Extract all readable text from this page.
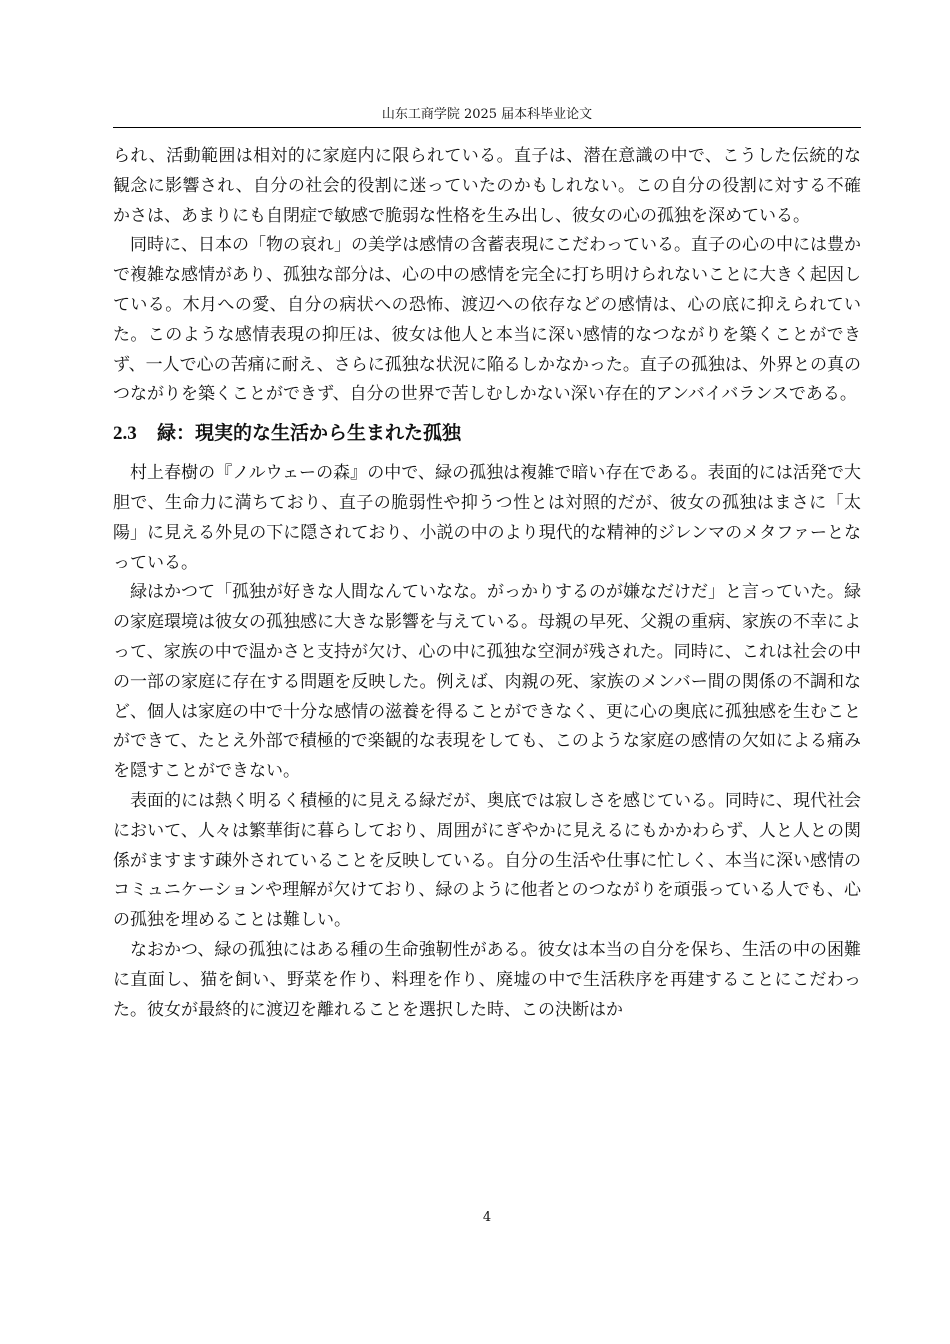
山东工商学院 2025 届本科毕业论文

られ、活動範囲は相対的に家庭内に限られている。直子は、潜在意識の中で、こうした伝統的な観念に影響され、自分の社会的役割に迷っていたのかもしれない。この自分の役割に対する不確かさは、あまりにも自閉症で敏感で脆弱な性格を生み出し、彼女の心の孤独を深めている。

同時に、日本の「物の哀れ」の美学は感情の含蓄表現にこだわっている。直子の心の中には豊かで複雑な感情があり、孤独な部分は、心の中の感情を完全に打ち明けられないことに大きく起因している。木月への愛、自分の病状への恐怖、渡辺への依存などの感情は、心の底に抑えられていた。このような感情表現の抑圧は、彼女は他人と本当に深い感情的なつながりを築くことができず、一人で心の苦痛に耐え、さらに孤独な状況に陥るしかなかった。直子の孤独は、外界との真のつながりを築くことができず、自分の世界で苦しむしかない深い存在的アンバイバランスである。

2.3 緑：現実的な生活から生まれた孤独

村上春樹の『ノルウェーの森』の中で、緑の孤独は複雑で暗い存在である。表面的には活発で大胆で、生命力に満ちており、直子の脆弱性や抑うつ性とは対照的だが、彼女の孤独はまさに「太陽」に見える外見の下に隠されており、小説の中のより現代的な精神的ジレンマのメタファーとなっている。

緑はかつて「孤独が好きな人間なんていなな。がっかりするのが嫌なだけだ」と言っていた。緑の家庭環境は彼女の孤独感に大きな影響を与えている。母親の早死、父親の重病、家族の不幸によって、家族の中で温かさと支持が欠け、心の中に孤独な空洞が残された。同時に、これは社会の中の一部の家庭に存在する問題を反映した。例えば、肉親の死、家族のメンバー間の関係の不調和など、個人は家庭の中で十分な感情の滋養を得ることができなく、更に心の奥底に孤独感を生むことができて、たとえ外部で積極的で楽観的な表現をしても、このような家庭の感情の欠如による痛みを隠すことができない。

表面的には熱く明るく積極的に見える緑だが、奥底では寂しさを感じている。同時に、現代社会において、人々は繁華街に暮らしており、周囲がにぎやかに見えるにもかかわらず、人と人との関係がますます疎外されていることを反映している。自分の生活や仕事に忙しく、本当に深い感情のコミュニケーションや理解が欠けており、緑のように他者とのつながりを頑張っている人でも、心の孤独を埋めることは難しい。

なおかつ、緑の孤独にはある種の生命強靭性がある。彼女は本当の自分を保ち、生活の中の困難に直面し、猫を飼い、野菜を作り、料理を作り、廃墟の中で生活秩序を再建することにこだわった。彼女が最終的に渡辺を離れることを選択した時、この決断はか

4
